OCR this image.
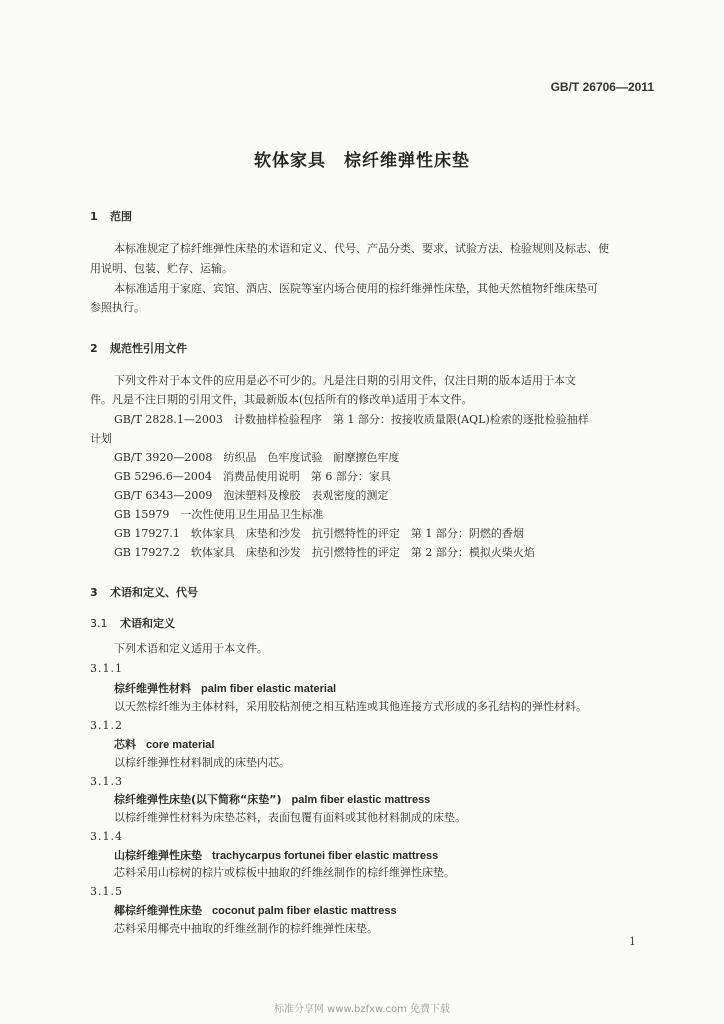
GB/T 26706—2011
软体家具　棕纤维弹性床垫
1 范围
本标准规定了棕纤维弹性床垫的术语和定义、代号、产品分类、要求、试验方法、检验规则及标志、使
用说明、包装、贮存、运输。
本标准适用于家庭、宾馆、酒店、医院等室内场合使用的棕纤维弹性床垫，其他天然植物纤维床垫可
参照执行。
2 规范性引用文件
下列文件对于本文件的应用是必不可少的。凡是注日期的引用文件，仅注日期的版本适用于本文
件。凡是不注日期的引用文件，其最新版本(包括所有的修改单)适用于本文件。
GB/T 2828.1—2003　计数抽样检验程序　第 1 部分：按接收质量限(AQL)检索的逐批检验抽样
计划
GB/T 3920—2008　纺织品　色牢度试验　耐摩擦色牢度
GB 5296.6—2004　消费品使用说明　第 6 部分：家具
GB/T 6343—2009　泡沫塑料及橡胶　表观密度的测定
GB 15979　一次性使用卫生用品卫生标准
GB 17927.1　软体家具　床垫和沙发　抗引燃特性的评定　第 1 部分：阴燃的香烟
GB 17927.2　软体家具　床垫和沙发　抗引燃特性的评定　第 2 部分：模拟火柴火焰
3 术语和定义、代号
3.1 术语和定义
下列术语和定义适用于本文件。
3.1.1
棕纤维弹性材料 palm fiber elastic material
以天然棕纤维为主体材料，采用胶粘剂使之相互粘连或其他连接方式形成的多孔结构的弹性材料。
3.1.2
芯料 core material
以棕纤维弹性材料制成的床垫内芯。
3.1.3
棕纤维弹性床垫(以下简称“床垫”) palm fiber elastic mattress
以棕纤维弹性材料为床垫芯料，表面包覆有面料或其他材料制成的床垫。
3.1.4
山棕纤维弹性床垫 trachycarpus fortunei fiber elastic mattress
芯料采用山棕树的棕片或棕板中抽取的纤维丝制作的棕纤维弹性床垫。
3.1.5
椰棕纤维弹性床垫 coconut palm fiber elastic mattress
芯料采用椰壳中抽取的纤维丝制作的棕纤维弹性床垫。
1
标准分享网 www.bzfxw.com 免费下载
